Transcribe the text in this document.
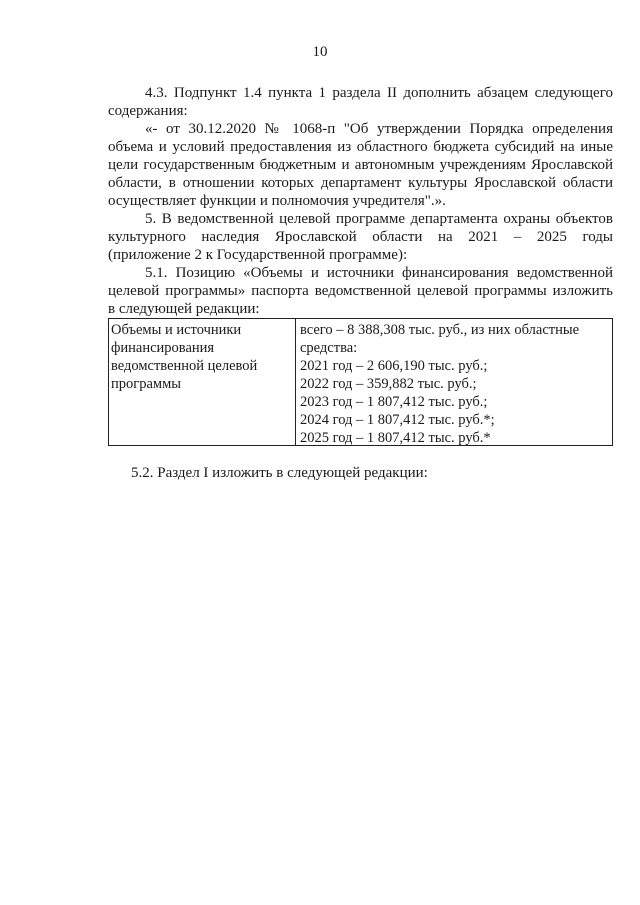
10
4.3. Подпункт 1.4 пункта 1 раздела II дополнить абзацем следующего
содержания:
«- от 30.12.2020 № 1068-п "Об утверждении Порядка определения
объема и условий предоставления из областного бюджета субсидий на иные
цели государственным бюджетным и автономным учреждениям Ярославской
области, в отношении которых департамент культуры Ярославской области
осуществляет функции и полномочия учредителя".».
5. В ведомственной целевой программе департамента охраны объектов
культурного наследия Ярославской области на 2021 – 2025 годы
(приложение 2 к Государственной программе):
5.1. Позицию «Объемы и источники финансирования ведомственной
целевой программы» паспорта ведомственной целевой программы изложить
в следующей редакции:
Объемы и источники
финансирования
ведомственной целевой
программы
всего – 8 388,308 тыс. руб., из них областные
средства:
2021 год – 2 606,190 тыс. руб.;
2022 год – 359,882 тыс. руб.;
2023 год – 1 807,412 тыс. руб.;
2024 год – 1 807,412 тыс. руб.*;
2025 год – 1 807,412 тыс. руб.*
5.2. Раздел I изложить в следующей редакции:
